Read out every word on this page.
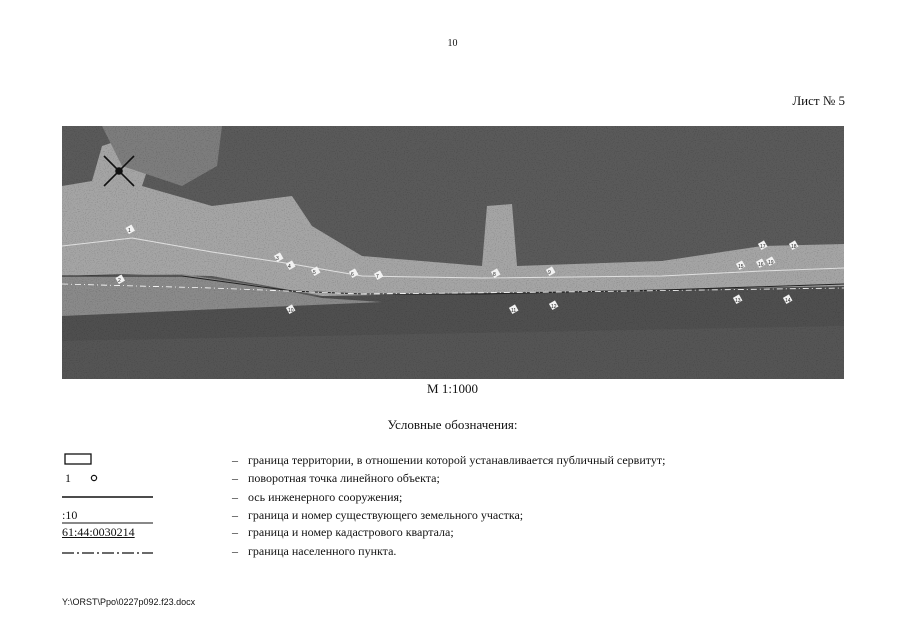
10
Лист № 5
1
2
3
4
5	6	7	8	9
10	11
12
13	14
15	16
17	18
19
М 1:1000
Условные обозначения:
– граница территории, в отношении которой устанавливается публичный сервитут;
1	– поворотная точка линейного объекта;
– ось инженерного сооружения;
:10	– граница и номер существующего земельного участка;
61:44:0030214	– граница и номер кадастрового квартала;
– граница населенного пункта.
Y:\ORST\Ppo\0227p092.f23.docx
